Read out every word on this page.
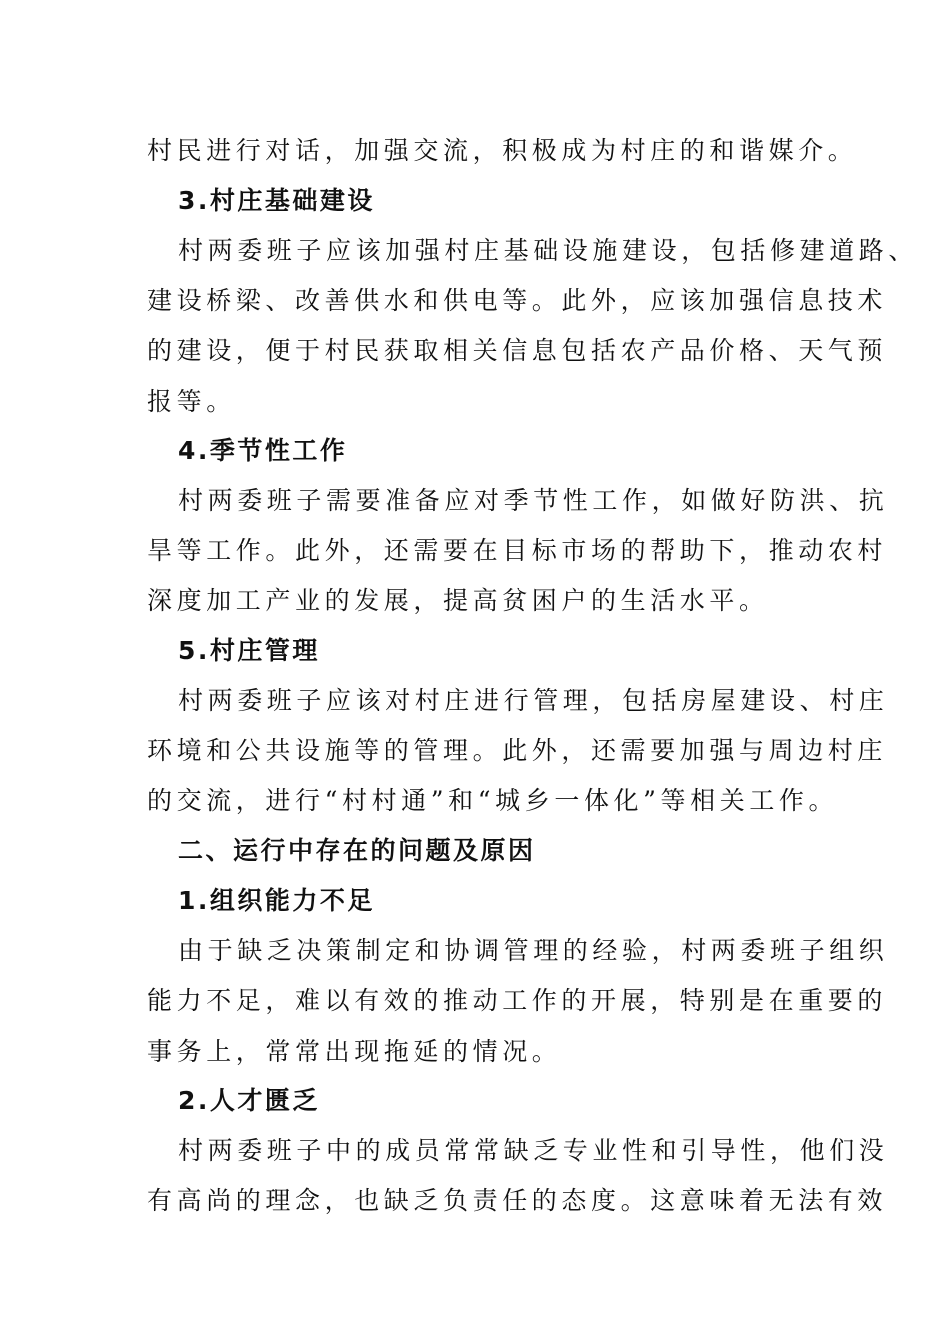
村民进行对话，加强交流，积极成为村庄的和谐媒介。
3.村庄基础建设
村两委班子应该加强村庄基础设施建设，包括修建道路、
建设桥梁、改善供水和供电等。此外，应该加强信息技术
的建设，便于村民获取相关信息包括农产品价格、天气预
报等。
4.季节性工作
村两委班子需要准备应对季节性工作，如做好防洪、抗
旱等工作。此外，还需要在目标市场的帮助下，推动农村
深度加工产业的发展，提高贫困户的生活水平。
5.村庄管理
村两委班子应该对村庄进行管理，包括房屋建设、村庄
环境和公共设施等的管理。此外，还需要加强与周边村庄
的交流，进行“村村通”和“城乡一体化”等相关工作。
二、运行中存在的问题及原因
1.组织能力不足
由于缺乏决策制定和协调管理的经验，村两委班子组织
能力不足，难以有效的推动工作的开展，特别是在重要的
事务上，常常出现拖延的情况。
2.人才匮乏
村两委班子中的成员常常缺乏专业性和引导性，他们没
有高尚的理念，也缺乏负责任的态度。这意味着无法有效
